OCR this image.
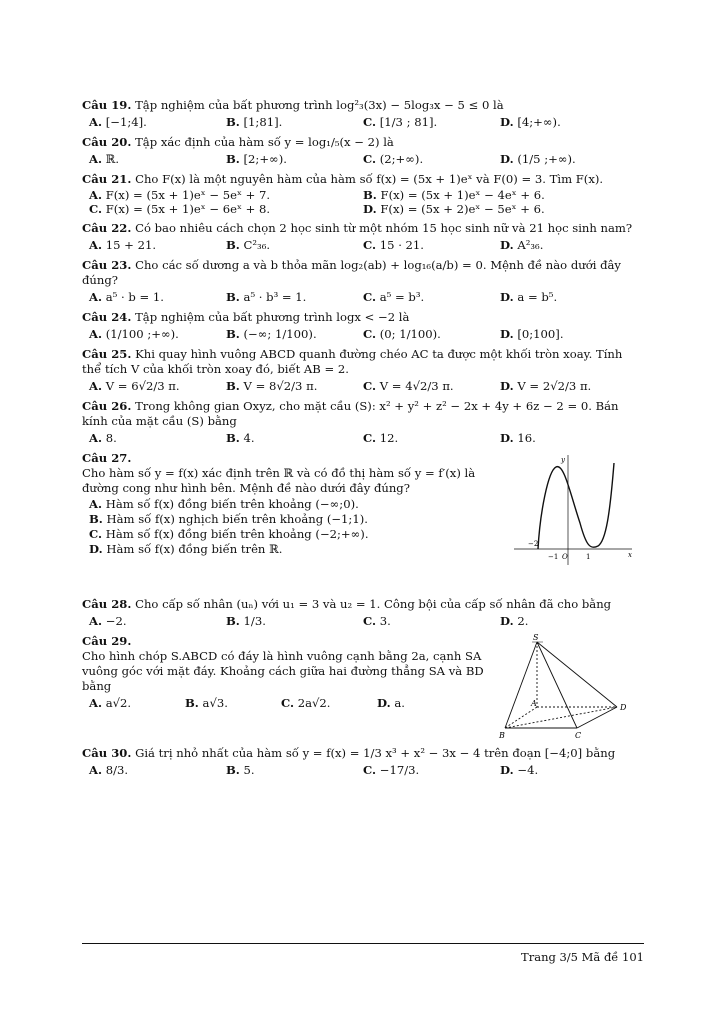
Câu 19. Tập nghiệm của bất phương trình log²₃(3x) − 5log₃x − 5 ≤ 0 là

A. [−1;4].	B. [1;81].	C. [1/3 ; 81].	D. [4;+∞).

Câu 20. Tập xác định của hàm số y = log₁/₅(x − 2) là

A. ℝ.	B. [2;+∞).	C. (2;+∞).	D. (1/5 ;+∞).

Câu 21. Cho F(x) là một nguyên hàm của hàm số f(x) = (5x + 1)eˣ và F(0) = 3. Tìm F(x).

A. F(x) = (5x + 1)eˣ − 5eˣ + 7.	B. F(x) = (5x + 1)eˣ − 4eˣ + 6.
C. F(x) = (5x + 1)eˣ − 6eˣ + 8.	D. F(x) = (5x + 2)eˣ − 5eˣ + 6.

Câu 22. Có bao nhiêu cách chọn 2 học sinh từ một nhóm 15 học sinh nữ và 21 học sinh nam?

A. 15 + 21.	B. C²₃₆.	C. 15 · 21.	D. A²₃₆.

Câu 23. Cho các số dương a và b thỏa mãn log₂(ab) + log₁₆(a/b) = 0. Mệnh đề nào dưới đây đúng?

A. a⁵ · b = 1.	B. a⁵ · b³ = 1.	C. a⁵ = b³.	D. a = b⁵.

Câu 24. Tập nghiệm của bất phương trình logx < −2 là

A. (1/100 ;+∞).	B. (−∞; 1/100).	C. (0; 1/100).	D. [0;100].

Câu 25. Khi quay hình vuông ABCD quanh đường chéo AC ta được một khối tròn xoay. Tính thể tích V của khối tròn xoay đó, biết AB = 2.

A. V = 6√2/3 π.	B. V = 8√2/3 π.	C. V = 4√2/3 π.	D. V = 2√2/3 π.

Câu 26. Trong không gian Oxyz, cho mặt cầu (S): x² + y² + z² − 2x + 4y + 6z − 2 = 0. Bán kính của mặt cầu (S) bằng

A. 8.	B. 4.	C. 12.	D. 16.

Câu 27.

Cho hàm số y = f(x) xác định trên ℝ và có đồ thị hàm số y = f′(x) là đường cong như hình bên. Mệnh đề nào dưới đây đúng?

A. Hàm số f(x) đồng biến trên khoảng (−∞;0).
B. Hàm số f(x) nghịch biến trên khoảng (−1;1).
C. Hàm số f(x) đồng biến trên khoảng (−2;+∞).
D. Hàm số f(x) đồng biến trên ℝ.
y
x
−2
−1 O	1

Câu 28. Cho cấp số nhân (uₙ) với u₁ = 3 và u₂ = 1. Công bội của cấp số nhân đã cho bằng

A. −2.	B. 1/3.	C. 3.	D. 2.

Câu 29.

Cho hình chóp S.ABCD có đáy là hình vuông cạnh bằng 2a, cạnh SA vuông góc với mặt đáy. Khoảng cách giữa hai đường thẳng SA và BD bằng

A. a√2.	B. a√3.	C. 2a√2.	D. a.
S
A
B	C
D

Câu 30. Giá trị nhỏ nhất của hàm số y = f(x) = 1/3 x³ + x² − 3x − 4 trên đoạn [−4;0] bằng

A. 8/3.	B. 5.	C. −17/3.	D. −4.
Trang 3/5 Mã đề 101
